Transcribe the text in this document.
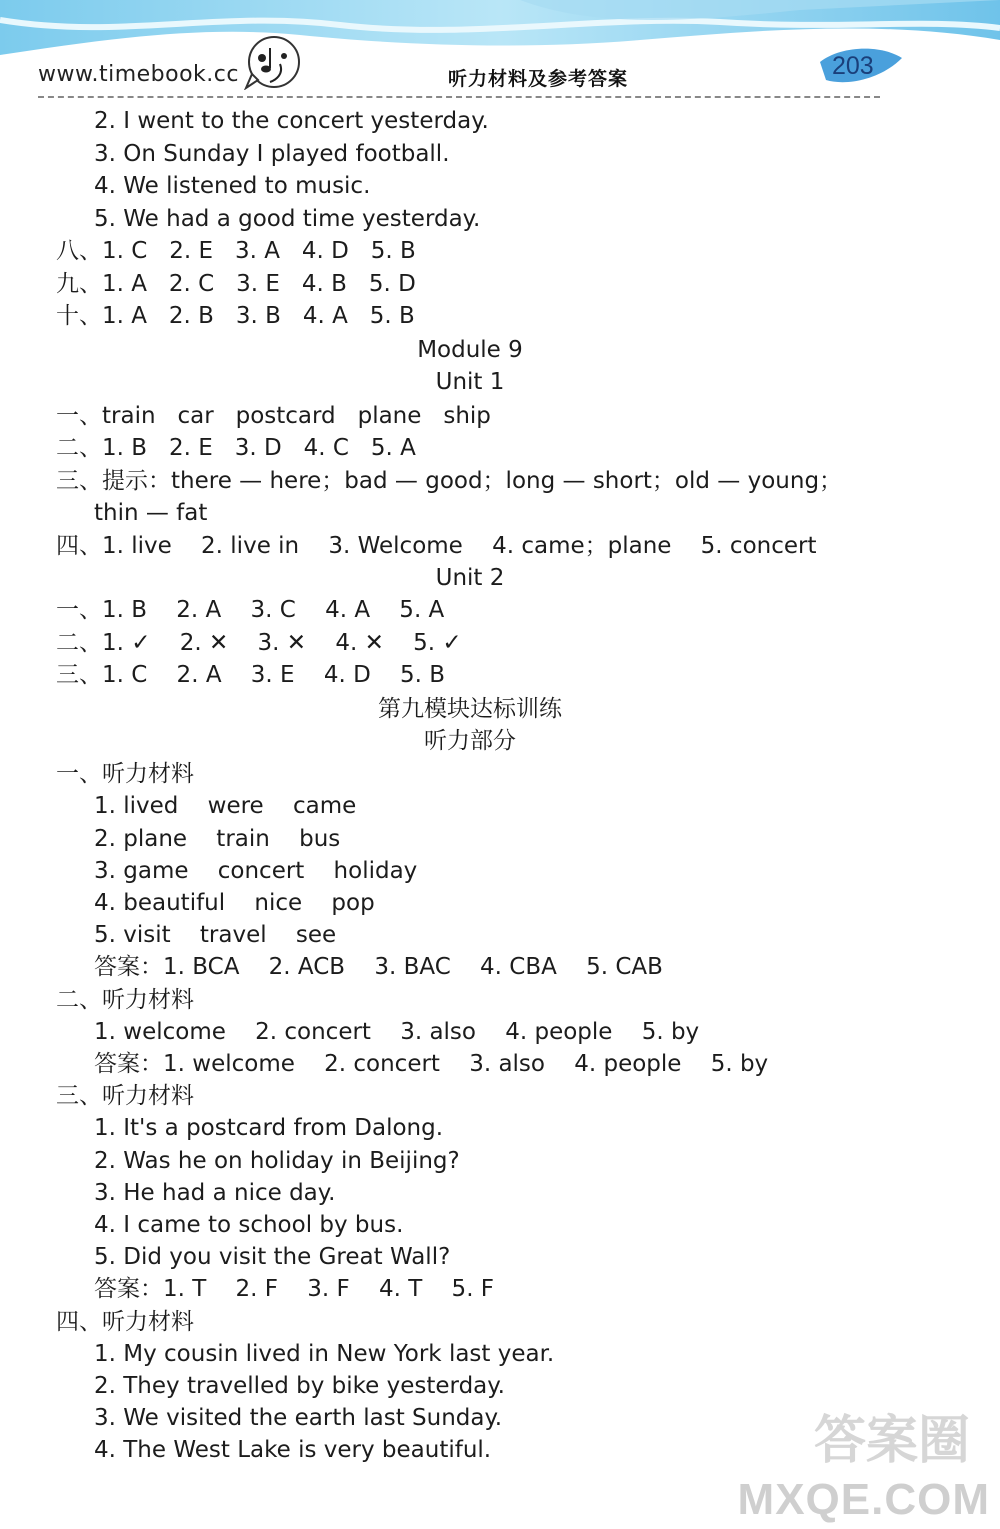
www.timebook.cc	听力材料及参考答案	203
2. I went to the concert yesterday.
3. On Sunday I played football.
4. We listened to music.
5. We had a good time yesterday.
八、1. C   2. E   3. A   4. D   5. B
九、1. A   2. C   3. E   4. B   5. D
十、1. A   2. B   3. B   4. A   5. B
Module 9
Unit 1
一、train   car   postcard   plane   ship
二、1. B   2. E   3. D   4. C   5. A
三、提示：there — here；bad — good；long — short；old — young；
thin — fat
四、1. live    2. live in    3. Welcome    4. came；plane    5. concert
Unit 2
一、1. B    2. A    3. C    4. A    5. A
二、1. ✓    2. ✕    3. ✕    4. ✕    5. ✓
三、1. C    2. A    3. E    4. D    5. B
第九模块达标训练
听力部分
一、听力材料
1. lived    were    came
2. plane    train    bus
3. game    concert    holiday
4. beautiful    nice    pop
5. visit    travel    see
答案：1. BCA    2. ACB    3. BAC    4. CBA    5. CAB
二、听力材料
1. welcome    2. concert    3. also    4. people    5. by
答案：1. welcome    2. concert    3. also    4. people    5. by
三、听力材料
1. It's a postcard from Dalong.
2. Was he on holiday in Beijing?
3. He had a nice day.
4. I came to school by bus.
5. Did you visit the Great Wall?
答案：1. T    2. F    3. F    4. T    5. F
四、听力材料
1. My cousin lived in New York last year.
2. They travelled by bike yesterday.
3. We visited the earth last Sunday.
4. The West Lake is very beautiful.	答案圈
MXQE.COM
